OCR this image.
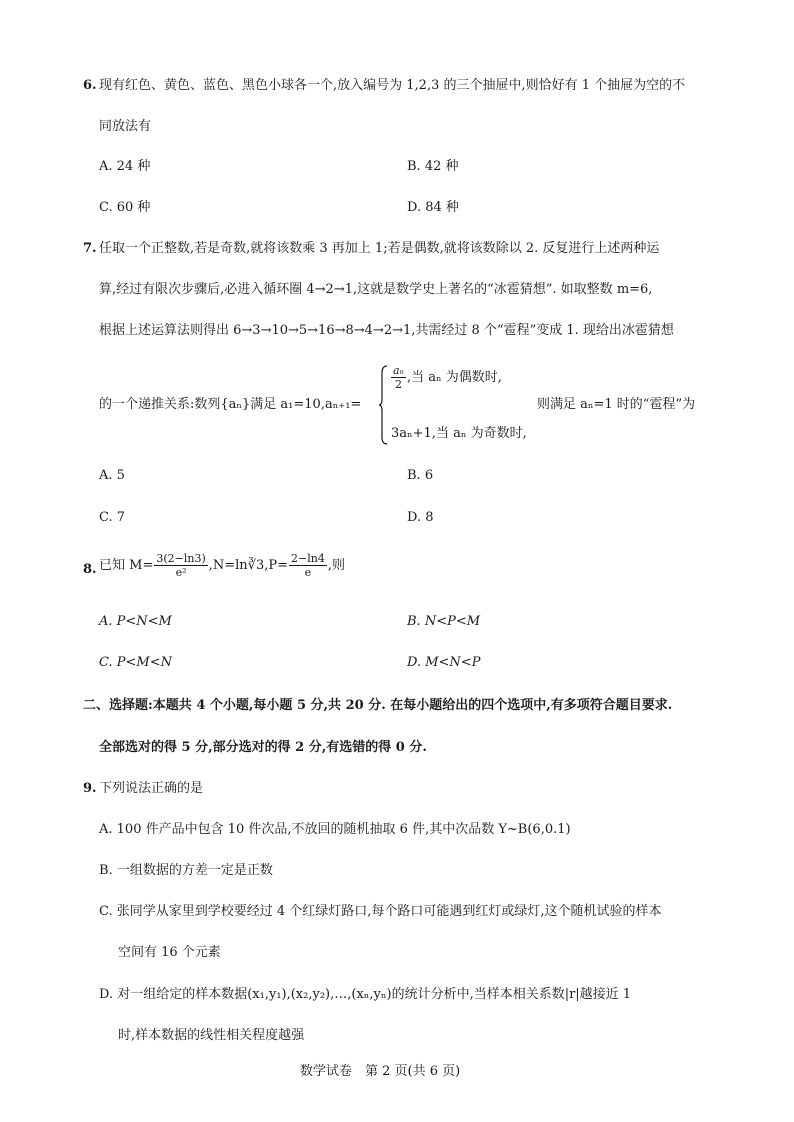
6. 现有红色、黄色、蓝色、黑色小球各一个,放入编号为 1,2,3 的三个抽屉中,则恰好有 1 个抽屉为空的不
同放法有
A. 24 种	B. 42 种
C. 60 种	D. 84 种
7. 任取一个正整数,若是奇数,就将该数乘 3 再加上 1;若是偶数,就将该数除以 2. 反复进行上述两种运
算,经过有限次步骤后,必进入循环圈 4→2→1,这就是数学史上著名的“冰雹猜想”. 如取整数 m=6,
根据上述运算法则得出 6→3→10→5→16→8→4→2→1,共需经过 8 个“雹程”变成 1. 现给出冰雹猜想
的一个递推关系:数列{aₙ}满足 a₁=10,aₙ₊₁=
$\frac{\text{aₙ}}{2}$ ,当 aₙ 为偶数时,
3aₙ+1,当 aₙ 为奇数时,
则满足 aₙ=1 时的“雹程”为
A. 5	B. 6
C. 7	D. 8
8. 已知 $M= \frac{3(2-\ln 3)}{\text{e²}}$ ,N=ln∛3,P= $\frac{2-\ln 4}{e}$ ,则
A. P<N<M	B. N<P<M
C. P<M<N	D. M<N<P
二、选择题:本题共 4 个小题,每小题 5 分,共 20 分. 在每小题给出的四个选项中,有多项符合题目要求.
全部选对的得 5 分,部分选对的得 2 分,有选错的得 0 分.
9. 下列说法正确的是
A. 100 件产品中包含 10 件次品,不放回的随机抽取 6 件,其中次品数 Y~B(6,0.1)
B. 一组数据的方差一定是正数
C. 张同学从家里到学校要经过 4 个红绿灯路口,每个路口可能遇到红灯或绿灯,这个随机试验的样本
空间有 16 个元素
D. 对一组给定的样本数据(x₁,y₁),(x₂,y₂),…,(xₙ,yₙ)的统计分析中,当样本相关系数|r|越接近 1
时,样本数据的线性相关程度越强
数学试卷　第 2 页(共 6 页)
